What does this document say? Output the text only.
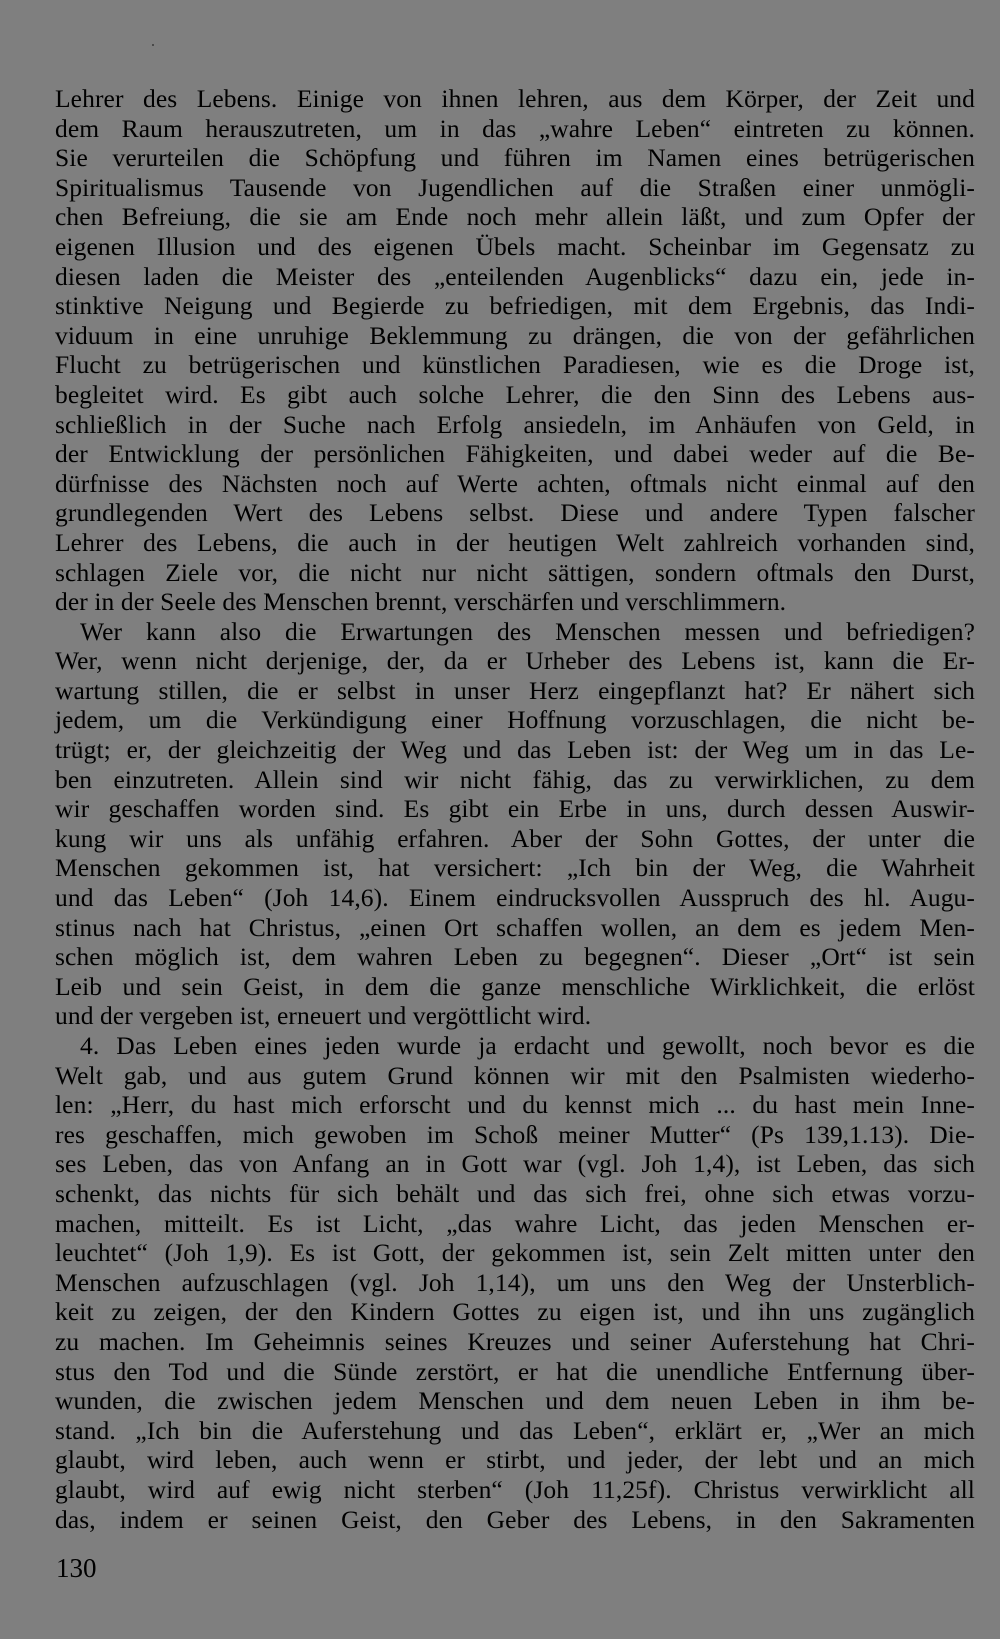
Lehrer des Lebens. Einige von ihnen lehren, aus dem Körper, der Zeit und
dem Raum herauszutreten, um in das „wahre Leben“ eintreten zu können.
Sie verurteilen die Schöpfung und führen im Namen eines betrügerischen
Spiritualismus Tausende von Jugendlichen auf die Straßen einer unmögli-
chen Befreiung, die sie am Ende noch mehr allein läßt, und zum Opfer der
eigenen Illusion und des eigenen Übels macht. Scheinbar im Gegensatz zu
diesen laden die Meister des „enteilenden Augenblicks“ dazu ein, jede in-
stinktive Neigung und Begierde zu befriedigen, mit dem Ergebnis, das Indi-
viduum in eine unruhige Beklemmung zu drängen, die von der gefährlichen
Flucht zu betrügerischen und künstlichen Paradiesen, wie es die Droge ist,
begleitet wird. Es gibt auch solche Lehrer, die den Sinn des Lebens aus-
schließlich in der Suche nach Erfolg ansiedeln, im Anhäufen von Geld, in
der Entwicklung der persönlichen Fähigkeiten, und dabei weder auf die Be-
dürfnisse des Nächsten noch auf Werte achten, oftmals nicht einmal auf den
grundlegenden Wert des Lebens selbst. Diese und andere Typen falscher
Lehrer des Lebens, die auch in der heutigen Welt zahlreich vorhanden sind,
schlagen Ziele vor, die nicht nur nicht sättigen, sondern oftmals den Durst,
der in der Seele des Menschen brennt, verschärfen und verschlimmern.
Wer kann also die Erwartungen des Menschen messen und befriedigen?
Wer, wenn nicht derjenige, der, da er Urheber des Lebens ist, kann die Er-
wartung stillen, die er selbst in unser Herz eingepflanzt hat? Er nähert sich
jedem, um die Verkündigung einer Hoffnung vorzuschlagen, die nicht be-
trügt; er, der gleichzeitig der Weg und das Leben ist: der Weg um in das Le-
ben einzutreten. Allein sind wir nicht fähig, das zu verwirklichen, zu dem
wir geschaffen worden sind. Es gibt ein Erbe in uns, durch dessen Auswir-
kung wir uns als unfähig erfahren. Aber der Sohn Gottes, der unter die
Menschen gekommen ist, hat versichert: „Ich bin der Weg, die Wahrheit
und das Leben“ (Joh 14,6). Einem eindrucksvollen Ausspruch des hl. Augu-
stinus nach hat Christus, „einen Ort schaffen wollen, an dem es jedem Men-
schen möglich ist, dem wahren Leben zu begegnen“. Dieser „Ort“ ist sein
Leib und sein Geist, in dem die ganze menschliche Wirklichkeit, die erlöst
und der vergeben ist, erneuert und vergöttlicht wird.
4. Das Leben eines jeden wurde ja erdacht und gewollt, noch bevor es die
Welt gab, und aus gutem Grund können wir mit den Psalmisten wiederho-
len: „Herr, du hast mich erforscht und du kennst mich ... du hast mein Inne-
res geschaffen, mich gewoben im Schoß meiner Mutter“ (Ps 139,1.13). Die-
ses Leben, das von Anfang an in Gott war (vgl. Joh 1,4), ist Leben, das sich
schenkt, das nichts für sich behält und das sich frei, ohne sich etwas vorzu-
machen, mitteilt. Es ist Licht, „das wahre Licht, das jeden Menschen er-
leuchtet“ (Joh 1,9). Es ist Gott, der gekommen ist, sein Zelt mitten unter den
Menschen aufzuschlagen (vgl. Joh 1,14), um uns den Weg der Unsterblich-
keit zu zeigen, der den Kindern Gottes zu eigen ist, und ihn uns zugänglich
zu machen. Im Geheimnis seines Kreuzes und seiner Auferstehung hat Chri-
stus den Tod und die Sünde zerstört, er hat die unendliche Entfernung über-
wunden, die zwischen jedem Menschen und dem neuen Leben in ihm be-
stand. „Ich bin die Auferstehung und das Leben“, erklärt er, „Wer an mich
glaubt, wird leben, auch wenn er stirbt, und jeder, der lebt und an mich
glaubt, wird auf ewig nicht sterben“ (Joh 11,25f). Christus verwirklicht all
das, indem er seinen Geist, den Geber des Lebens, in den Sakramenten
130
